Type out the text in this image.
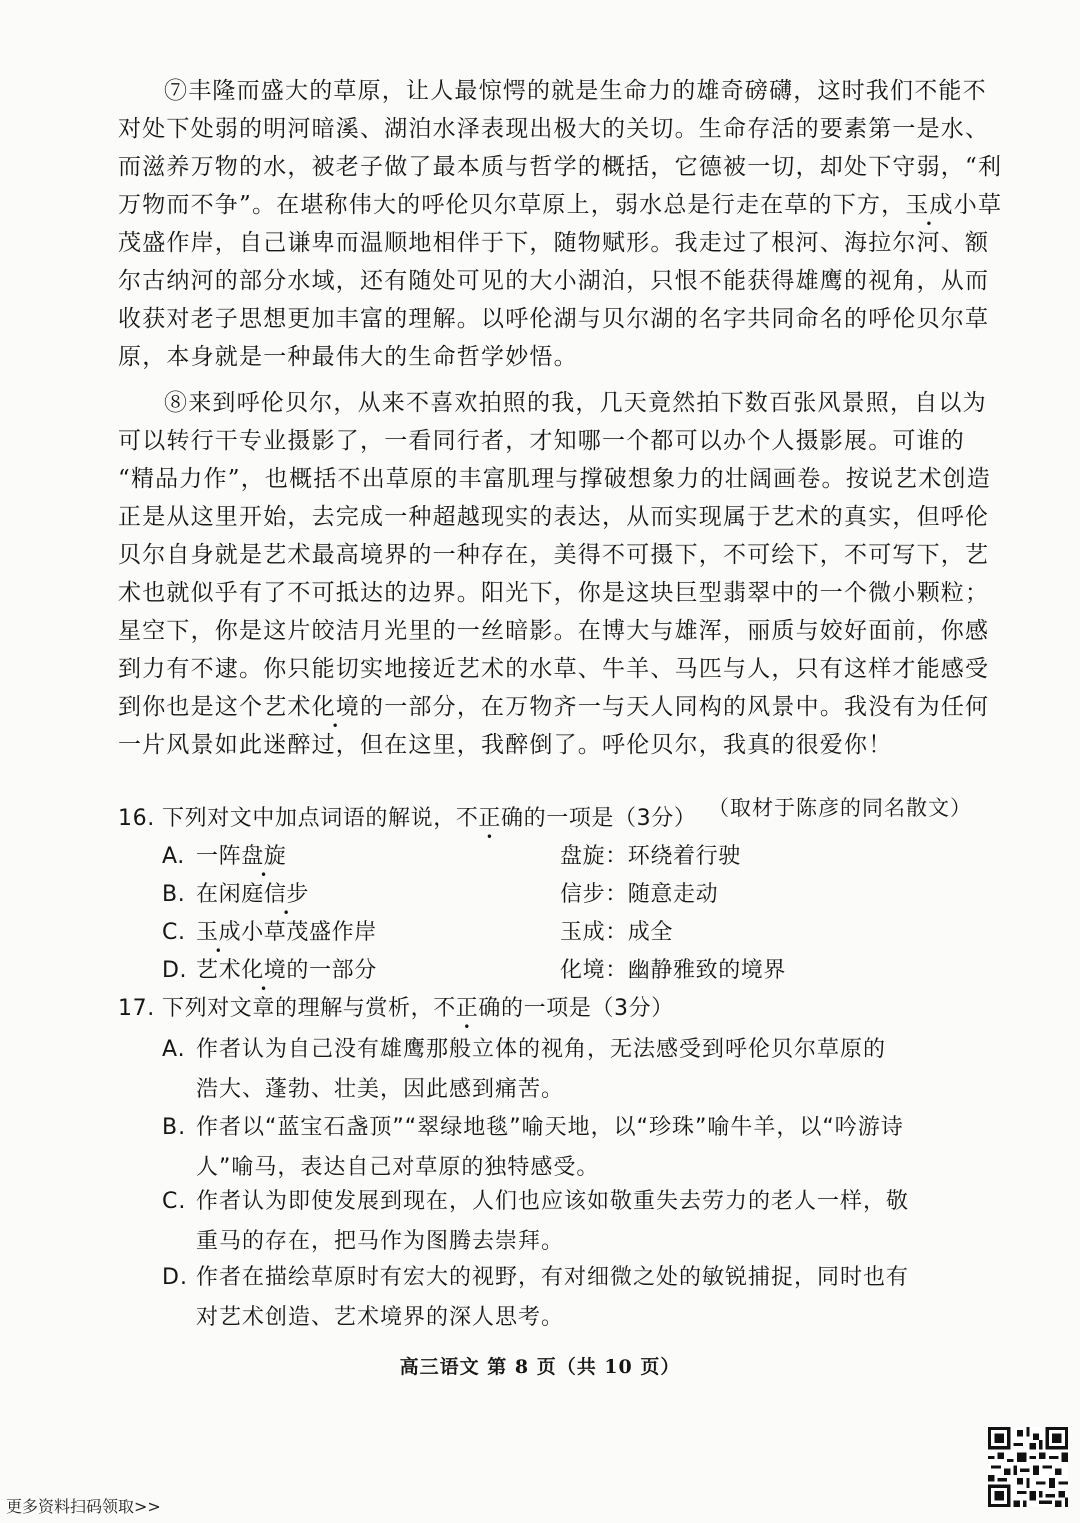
⑦丰隆而盛大的草原，让人最惊愕的就是生命力的雄奇磅礴，这时我们不能不
对处下处弱的明河暗溪、湖泊水泽表现出极大的关切。生命存活的要素第一是水、
而滋养万物的水，被老子做了最本质与哲学的概括，它德被一切，却处下守弱，“利
万物而不争”。在堪称伟大的呼伦贝尔草原上，弱水总是行走在草的下方，玉成小草
茂盛作岸，自己谦卑而温顺地相伴于下，随物赋形。我走过了根河、海拉尔河、额
尔古纳河的部分水域，还有随处可见的大小湖泊，只恨不能获得雄鹰的视角，从而
收获对老子思想更加丰富的理解。以呼伦湖与贝尔湖的名字共同命名的呼伦贝尔草
原，本身就是一种最伟大的生命哲学妙悟。
⑧来到呼伦贝尔，从来不喜欢拍照的我，几天竟然拍下数百张风景照，自以为
可以转行干专业摄影了，一看同行者，才知哪一个都可以办个人摄影展。可谁的
“精品力作”，也概括不出草原的丰富肌理与撑破想象力的壮阔画卷。按说艺术创造
正是从这里开始，去完成一种超越现实的表达，从而实现属于艺术的真实，但呼伦
贝尔自身就是艺术最高境界的一种存在，美得不可摄下，不可绘下，不可写下，艺
术也就似乎有了不可抵达的边界。阳光下，你是这块巨型翡翠中的一个微小颗粒；
星空下，你是这片皎洁月光里的一丝暗影。在博大与雄浑，丽质与姣好面前，你感
到力有不逮。你只能切实地接近艺术的水草、牛羊、马匹与人，只有这样才能感受
到你也是这个艺术化境的一部分，在万物齐一与天人同构的风景中。我没有为任何
一片风景如此迷醉过，但在这里，我醉倒了。呼伦贝尔，我真的很爱你！
（取材于陈彦的同名散文）
16. 下列对文中加点词语的解说，不正确的一项是（3分）
A. 一阵盘旋	盘旋：环绕着行驶
B. 在闲庭信步	信步：随意走动
C. 玉成小草茂盛作岸	玉成：成全
D. 艺术化境的一部分	化境：幽静雅致的境界
17. 下列对文章的理解与赏析，不正确的一项是（3分）
A. 作者认为自己没有雄鹰那般立体的视角，无法感受到呼伦贝尔草原的
浩大、蓬勃、壮美，因此感到痛苦。
B. 作者以“蓝宝石盏顶”“翠绿地毯”喻天地，以“珍珠”喻牛羊，以“吟游诗
人”喻马，表达自己对草原的独特感受。
C. 作者认为即使发展到现在，人们也应该如敬重失去劳力的老人一样，敬
重马的存在，把马作为图腾去崇拜。
D. 作者在描绘草原时有宏大的视野，有对细微之处的敏锐捕捉，同时也有
对艺术创造、艺术境界的深人思考。
高三语文 第 8 页（共 10 页）
更多资料扫码领取>>
